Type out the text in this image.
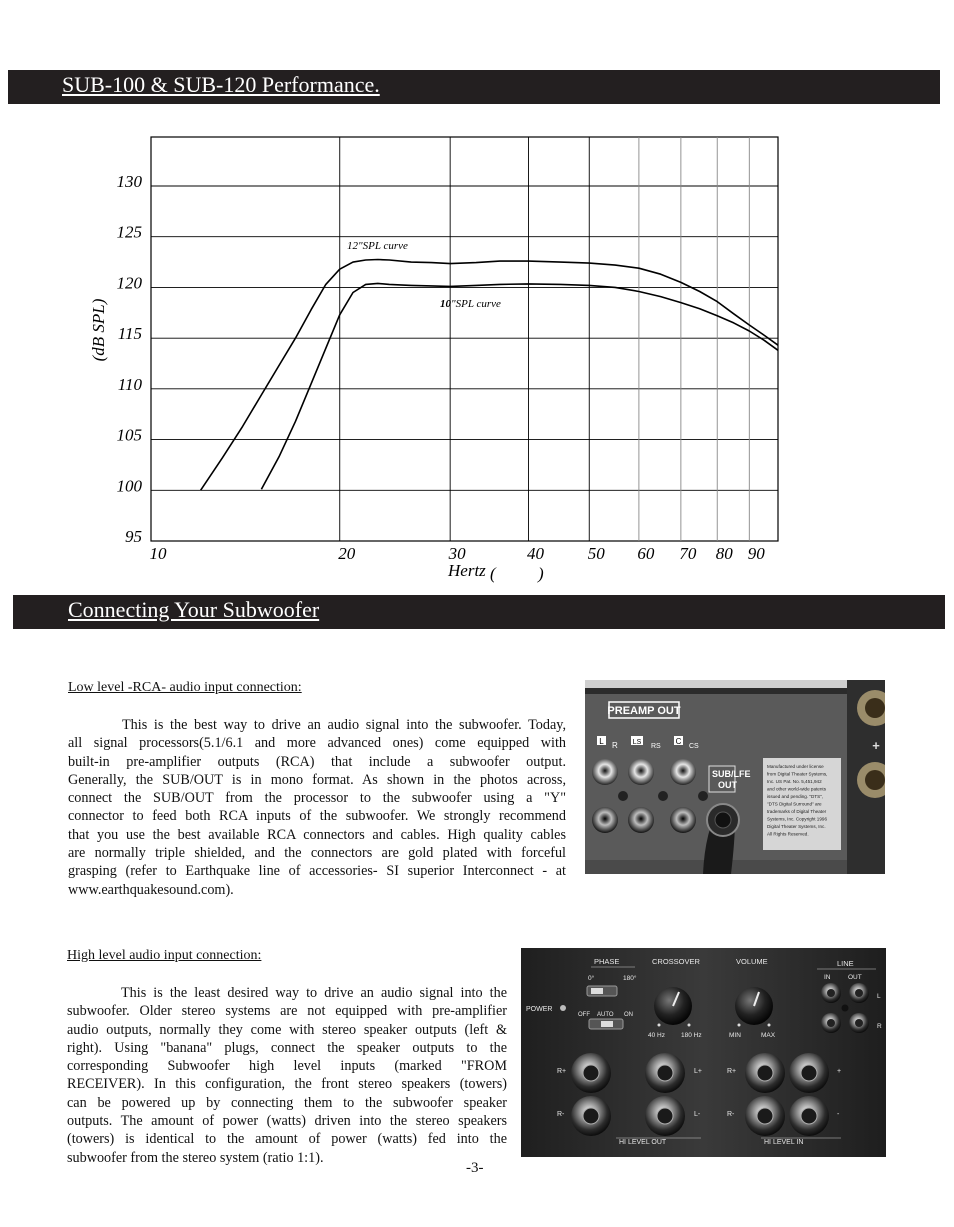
SUB-100 & SUB-120 Performance.
95
100
105
110
115
120
125
130
10	20	30	40	50 60 70 80 90
(dB SPL)
Hertz ( )
12"SPL curve
10"SPL curve
Connecting Your Subwoofer
Low level -RCA- audio input connection:
This is the best way to drive an audio signal into the subwoofer. Today,
all signal processors(5.1/6.1 and more advanced ones) come equipped with
built-in pre-amplifier outputs (RCA) that include a subwoofer output.
Generally, the SUB/OUT is in mono format. As shown in the photos across,
connect the SUB/OUT from the processor to the subwoofer using a "Y"
connector to feed both RCA inputs of the subwoofer. We strongly recommend
that you use the best available RCA connectors and cables. High quality cables
are normally triple shielded, and the connectors are gold plated with forceful
grasping (refer to Earthquake line of accessories- SI superior Interconnect - at
www.earthquakesound.com).
High level audio input connection:
This is the least desired way to drive an audio signal into the
subwoofer. Older stereo systems are not equipped with pre-amplifier
audio outputs, normally they come with stereo speaker outputs (left &
right). Using "banana" plugs, connect the speaker outputs to the
corresponding Subwoofer high level inputs (marked "FROM
RECEIVER). In this configuration, the front stereo speakers (towers)
can be powered up by connecting them to the subwoofer speaker
outputs. The amount of power (watts) driven into the stereo speakers
(towers) is identical to the amount of power (watts) fed into the
subwoofer from the stereo system (ratio 1:1).
PREAMP OUT
L R LS
RS
C
CS
SUB/LFE
OUT
Manufactured under license
from Digital Theater Systems,
Inc. US Pat. No. 5,451,942
and other world-wide patents
issued and pending. "DTS",
"DTS Digital Surround" are
trademarks of Digital Theater
Systems, Inc. Copyright 1996
Digital Theater Systems, Inc.
All Rights Reserved.
+
PHASE
0°	180°
CROSSOVER	VOLUME	LINE
IN	OUT
L
R
POWER
OFF AUTO ON
40 Hz 180 Hz	MIN	MAX
R+	L+
R-	L-
R+	+
R-	-
HI LEVEL OUT	HI LEVEL IN
-3-
